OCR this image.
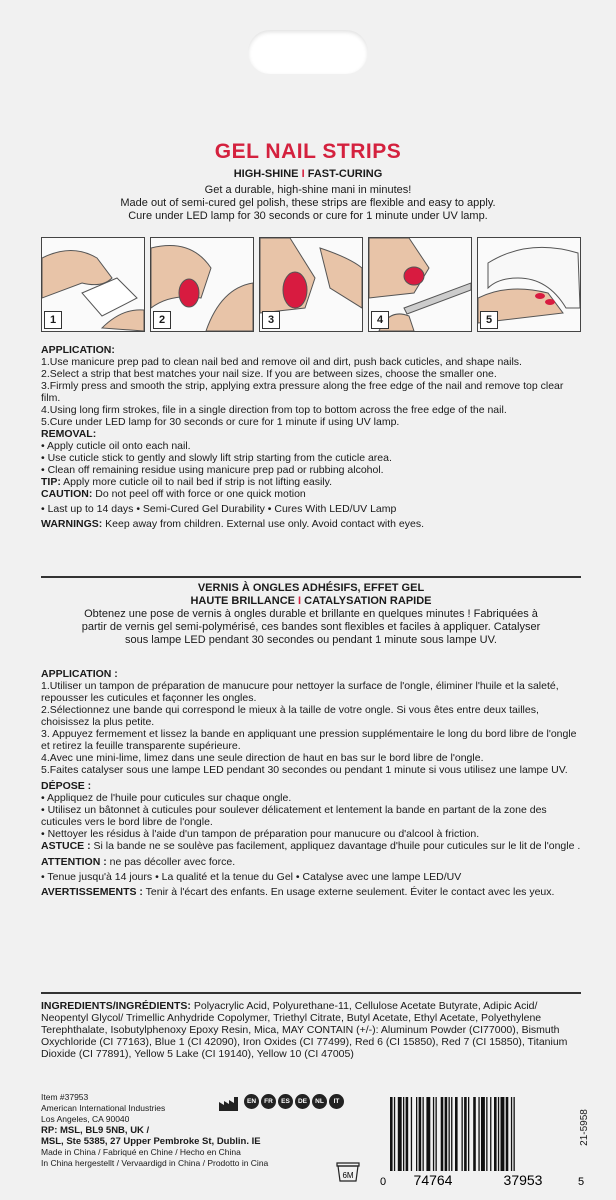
GEL NAIL STRIPS
HIGH-SHINE I FAST-CURING
Get a durable, high-shine mani in minutes!
Made out of semi-cured gel polish, these strips are flexible and easy to apply.
Cure under LED lamp for 30 seconds or cure for 1 minute under UV lamp.
1	2	3	4	5

APPLICATION:

1.Use manicure prep pad to clean nail bed and remove oil and dirt, push back cuticles, and shape nails.

2.Select a strip that best matches your nail size. If you are between sizes, choose the smaller one.

3.Firmly press and smooth the strip, applying extra pressure along the free edge of the nail and remove top clear film.

4.Using long firm strokes, file in a single direction from top to bottom across the free edge of the nail.

5.Cure under LED lamp for 30 seconds or cure for 1 minute if using UV lamp.

REMOVAL:

• Apply cuticle oil onto each nail.

• Use cuticle stick to gently and slowly lift strip starting from the cuticle area.

• Clean off remaining residue using manicure prep pad or rubbing alcohol.

TIP: Apply more cuticle oil to nail bed if strip is not lifting easily.

CAUTION: Do not peel off with force or one quick motion

• Last up to 14 days • Semi-Cured Gel Durability • Cures With LED/UV Lamp

WARNINGS: Keep away from children. External use only. Avoid contact with eyes.

VERNIS À ONGLES ADHÉSIFS, EFFET GEL
HAUTE BRILLANCE I CATALYSATION RAPIDE
Obtenez une pose de vernis à ongles durable et brillante en quelques minutes ! Fabriquées à partir de vernis gel semi-polymérisé, ces bandes sont flexibles et faciles à appliquer. Catalyser sous lampe LED pendant 30 secondes ou pendant 1 minute sous lampe UV.

APPLICATION :

1.Utiliser un tampon de préparation de manucure pour nettoyer la surface de l'ongle, éliminer l'huile et la saleté, repousser les cuticules et façonner les ongles.

2.Sélectionnez une bande qui correspond le mieux à la taille de votre ongle. Si vous êtes entre deux tailles, choisissez la plus petite.

3. Appuyez fermement et lissez la bande en appliquant une pression supplémentaire le long du bord libre de l'ongle et retirez la feuille transparente supérieure.

4.Avec une mini-lime, limez dans une seule direction de haut en bas sur le bord libre de l'ongle.

5.Faites catalyser sous une lampe LED pendant 30 secondes ou pendant 1 minute si vous utilisez une lampe UV.

DÉPOSE :

• Appliquez de l'huile pour cuticules sur chaque ongle.

• Utilisez un bâtonnet à cuticules pour soulever délicatement et lentement la bande en partant de la zone des cuticules vers le bord libre de l'ongle.

• Nettoyer les résidus à l'aide d'un tampon de préparation pour manucure ou d'alcool à friction.

ASTUCE : Si la bande ne se soulève pas facilement, appliquez davantage d'huile pour cuticules sur le lit de l'ongle .

ATTENTION : ne pas décoller avec force.

• Tenue jusqu'à 14 jours • La qualité et la tenue du Gel • Catalyse avec une lampe LED/UV

AVERTISSEMENTS : Tenir à l'écart des enfants. En usage externe seulement. Éviter le contact avec les yeux.

INGREDIENTS/INGRÉDIENTS: Polyacrylic Acid, Polyurethane-11, Cellulose Acetate Butyrate, Adipic Acid/ Neopentyl Glycol/ Trimellic Anhydride Copolymer, Triethyl Citrate, Butyl Acetate, Ethyl Acetate, Polyethylene Terephthalate, Isobutylphenoxy Epoxy Resin, Mica, MAY CONTAIN (+/-): Aluminum Powder (CI77000), Bismuth Oxychloride (CI 77163), Blue 1 (CI 42090), Iron Oxides (CI 77499), Red 6 (CI 15850), Red 7 (CI 15850), Titanium Dioxide (CI 77891), Yellow 5 Lake (CI 19140), Yellow 10 (CI 47005)
Item #37953
American International Industries
Los Angeles, CA 90040
RP: MSL, BL9 5NB, UK /
MSL, Ste 5385, 27 Upper Pembroke St, Dublin. IE
Made in China / Fabriqué en Chine / Hecho en China
In China hergestellt / Vervaardigd in China / Prodotto in Cina
EN	FR	ES	DE	NL	IT
6M
0 74764	37953	5
21-5958
